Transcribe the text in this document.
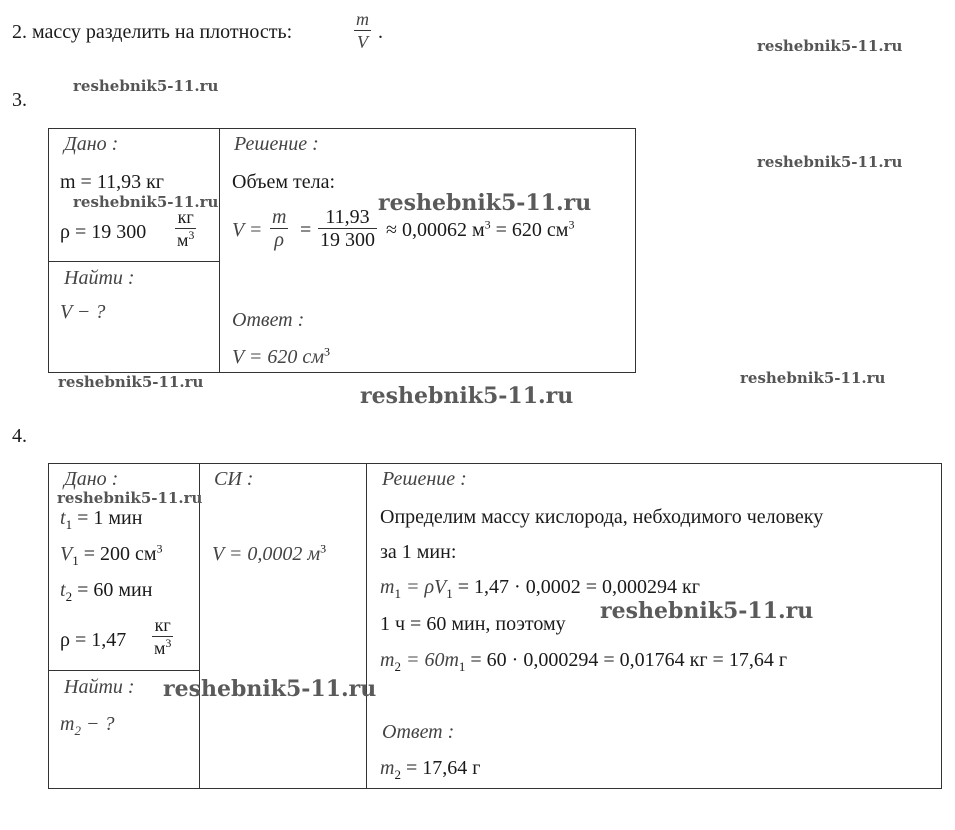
2. массу разделить на плотность:	$\frac{m}{V}$ .
reshebnik5-11.ru
3.
reshebnik5-11.ru
reshebnik5-11.ru
Дано :
m = 11,93 кг
reshebnik5-11.ru
ρ = 19 300
кг
$м^3$
Найти :
V − ?
Решение :
Объем тела:
reshebnik5-11.ru
$V = \frac{m}{\rho} = \frac{11,93}{19 300} \approx 0,00062$ $м^3 = 620$ $см^3$
Ответ :
V = 620 $см^3$
reshebnik5-11.ru
reshebnik5-11.ru
reshebnik5-11.ru
4.
Дано :
reshebnik5-11.ru
$t_1 = 1$ мин
$V_1 = 200$ $см^3$
$t_2 = 60$ мин
ρ = 1,47
кг
$м^3$
Найти :
$m_2$ − ?
СИ :
V = 0,0002 $м^3$
Решение :
Определим массу кислорода, небходимого человеку
за 1 мин:
$m_1 = \rho V_1 = 1,47 \cdot 0,0002 = 0,000294$ кг
1 ч = 60 мин, поэтому reshebnik5-11.ru
$m_2 = 60m_1 = 60 \cdot 0,000294 = 0,01764$ кг = 17,64 г
reshebnik5-11.ru
Ответ :
$m_2 = 17,64$ г
